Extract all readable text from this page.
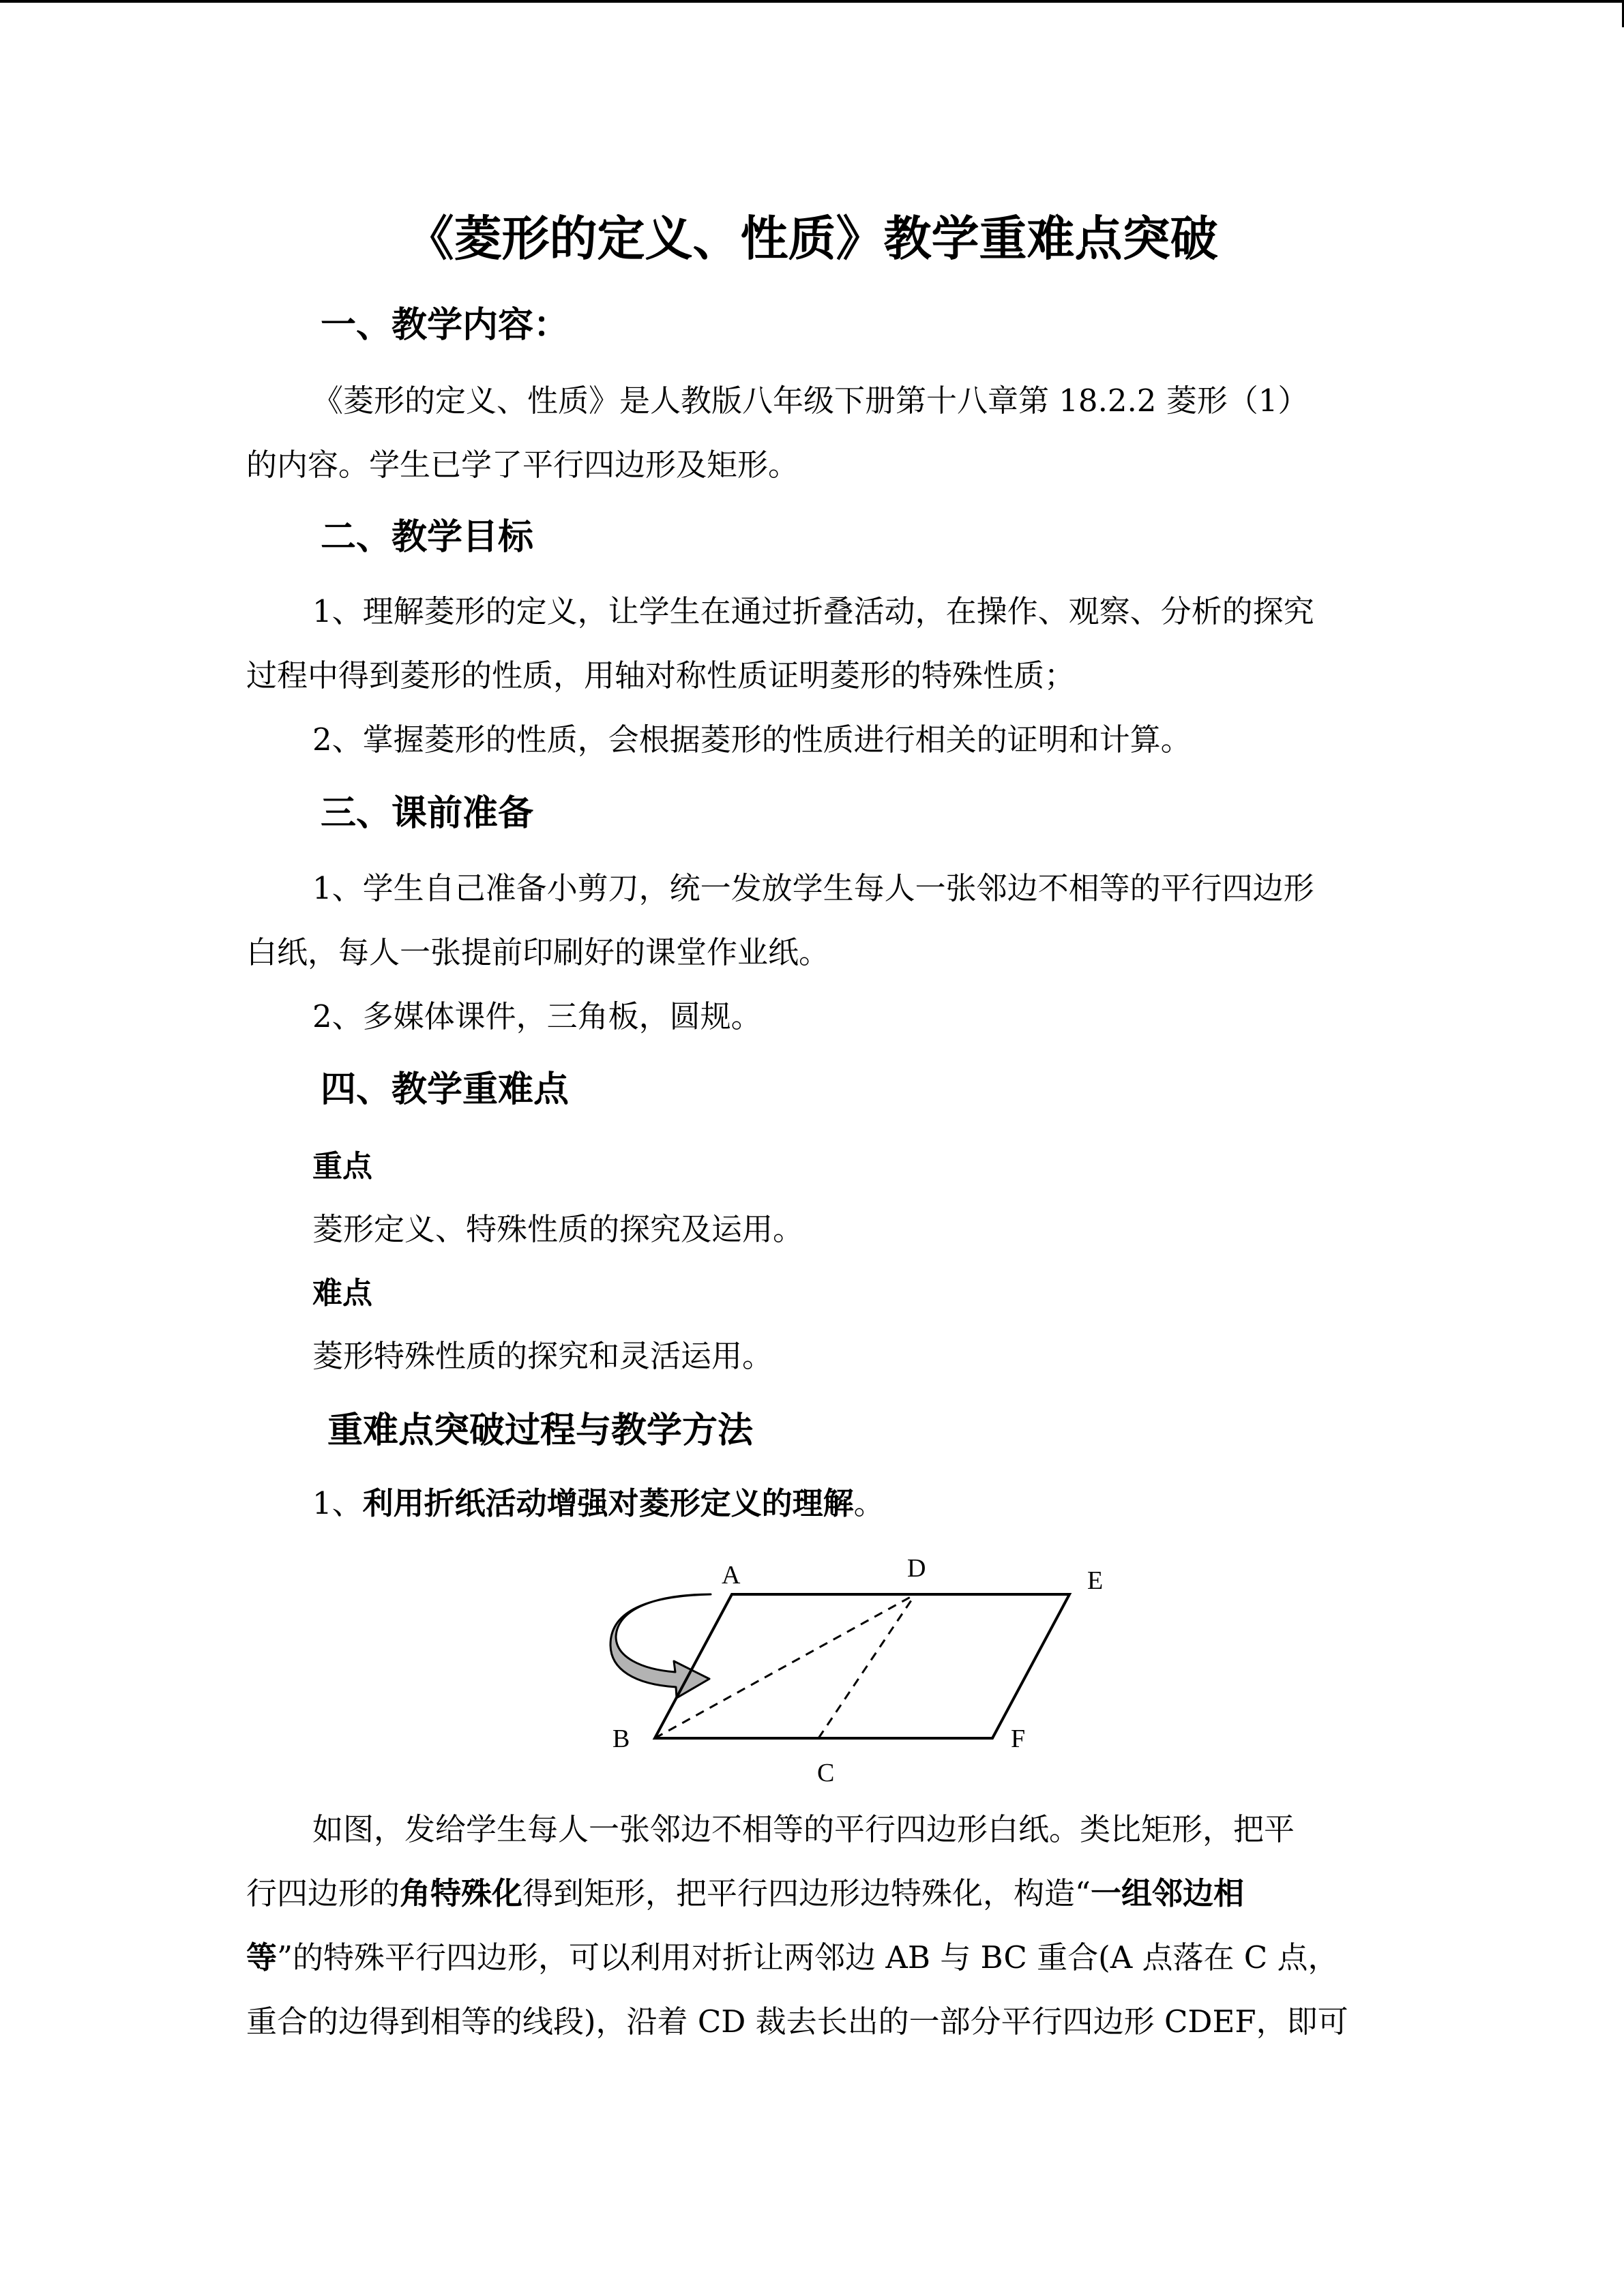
《菱形的定义、性质》教学重难点突破
一、教学内容：
《菱形的定义、性质》是人教版八年级下册第十八章第 18.2.2 菱形（1）
的内容。学生已学了平行四边形及矩形。
二、教学目标
1、理解菱形的定义，让学生在通过折叠活动，在操作、观察、分析的探究
过程中得到菱形的性质，用轴对称性质证明菱形的特殊性质；
2、掌握菱形的性质，会根据菱形的性质进行相关的证明和计算。
三、课前准备
1、学生自己准备小剪刀，统一发放学生每人一张邻边不相等的平行四边形
白纸，每人一张提前印刷好的课堂作业纸。
2、多媒体课件，三角板，圆规。
四、教学重难点
重点
菱形定义、特殊性质的探究及运用。
难点
菱形特殊性质的探究和灵活运用。
重难点突破过程与教学方法
1、利用折纸活动增强对菱形定义的理解。
A	D	E
B
C
F
如图，发给学生每人一张邻边不相等的平行四边形白纸。类比矩形，把平
行四边形的角特殊化得到矩形，把平行四边形边特殊化，构造“一组邻边相
等”的特殊平行四边形，可以利用对折让两邻边 AB 与 BC 重合(A 点落在 C 点，
重合的边得到相等的线段)，沿着 CD 裁去长出的一部分平行四边形 CDEF，即可
